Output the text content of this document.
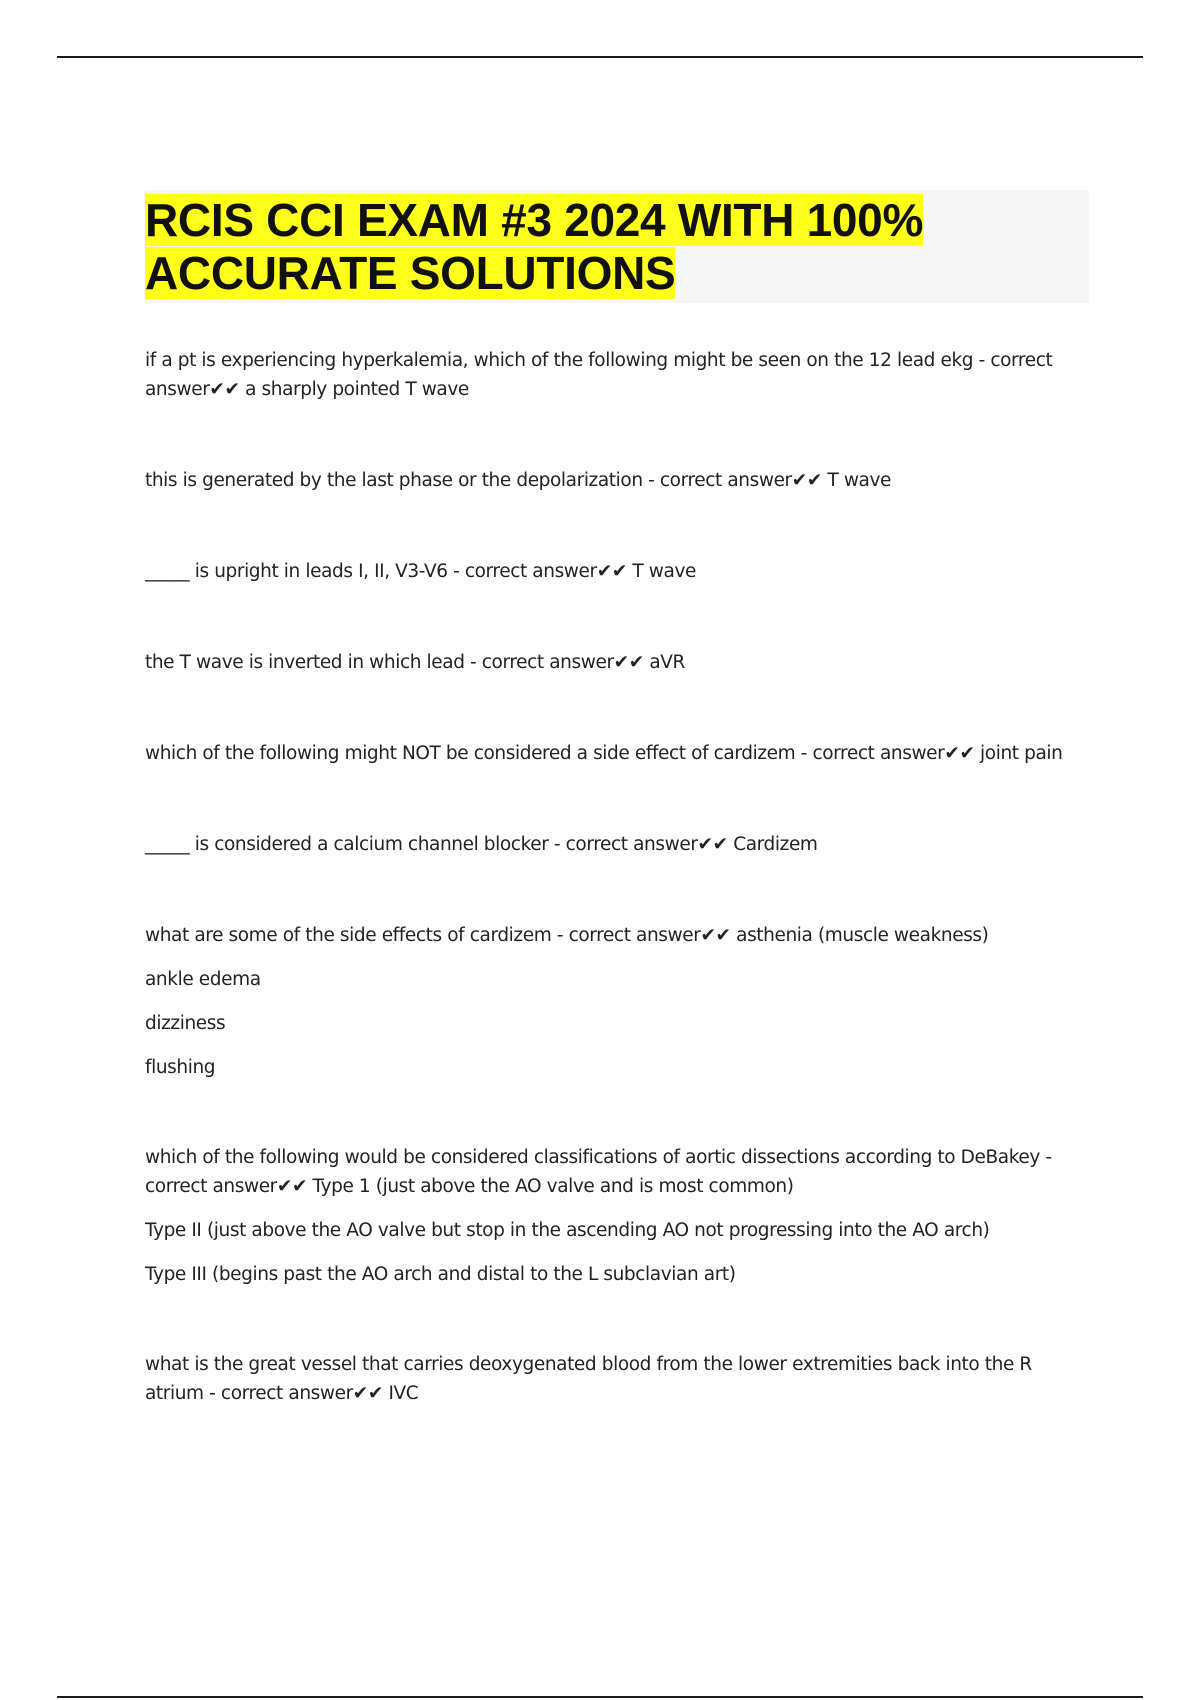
RCIS CCI EXAM #3 2024 WITH 100% ACCURATE SOLUTIONS

if a pt is experiencing hyperkalemia, which of the following might be seen on the 12 lead ekg - correct answer✔✔ a sharply pointed T wave

this is generated by the last phase or the depolarization - correct answer✔✔ T wave

_____ is upright in leads I, II, V3-V6 - correct answer✔✔ T wave

the T wave is inverted in which lead - correct answer✔✔ aVR

which of the following might NOT be considered a side effect of cardizem - correct answer✔✔ joint pain

_____ is considered a calcium channel blocker - correct answer✔✔ Cardizem

what are some of the side effects of cardizem - correct answer✔✔ asthenia (muscle weakness)

ankle edema

dizziness

flushing

which of the following would be considered classifications of aortic dissections according to DeBakey - correct answer✔✔ Type 1 (just above the AO valve and is most common)

Type II (just above the AO valve but stop in the ascending AO not progressing into the AO arch)

Type III (begins past the AO arch and distal to the L subclavian art)

what is the great vessel that carries deoxygenated blood from the lower extremities back into the R atrium - correct answer✔✔ IVC
